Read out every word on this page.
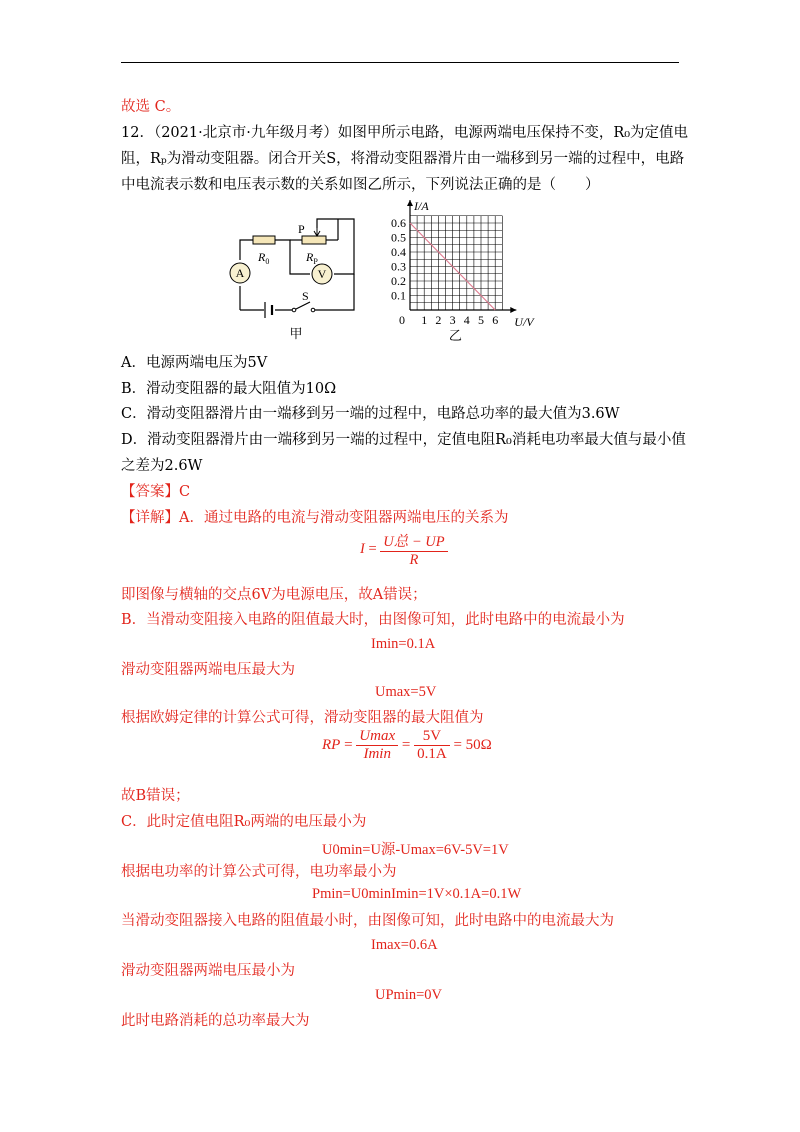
故选 C。
12．（2021·北京市·九年级月考）如图甲所示电路，电源两端电压保持不变，R₀为定值电
阻，Rₚ为滑动变阻器。闭合开关S，将滑动变阻器滑片由一端移到另一端的过程中，电路
中电流表示数和电压表示数的关系如图乙所示，下列说法正确的是（　　）
A	V
$R_0$	$R_P$
P
S
甲
0 1 2 3 4 5 6
0.1
0.2
0.3
0.4
0.5
0.6
I/A
U/V
乙
A．电源两端电压为5V
B．滑动变阻器的最大阻值为10Ω
C．滑动变阻器滑片由一端移到另一端的过程中，电路总功率的最大值为3.6W
D．滑动变阻器滑片由一端移到另一端的过程中，定值电阻R₀消耗电功率最大值与最小值
之差为2.6W
【答案】C
【详解】A．通过电路的电流与滑动变阻器两端电压的关系为
$I = \frac{\text{U总 − UP}}{R}$
即图像与横轴的交点6V为电源电压，故A错误；
B．当滑动变阻接入电路的阻值最大时，由图像可知，此时电路中的电流最小为
Imin=0.1A
滑动变阻器两端电压最大为
Umax=5V
根据欧姆定律的计算公式可得，滑动变阻器的最大阻值为
RP = $\frac{Umax}{Imin} = \frac{5V}{0.1A} = 50\Omega$
故B错误；
C．此时定值电阻R₀两端的电压最小为
U0min=U源-Umax=6V-5V=1V
根据电功率的计算公式可得，电功率最小为
Pmin=U0minImin=1V×0.1A=0.1W
当滑动变阻器接入电路的阻值最小时，由图像可知，此时电路中的电流最大为
Imax=0.6A
滑动变阻器两端电压最小为
UPmin=0V
此时电路消耗的总功率最大为
